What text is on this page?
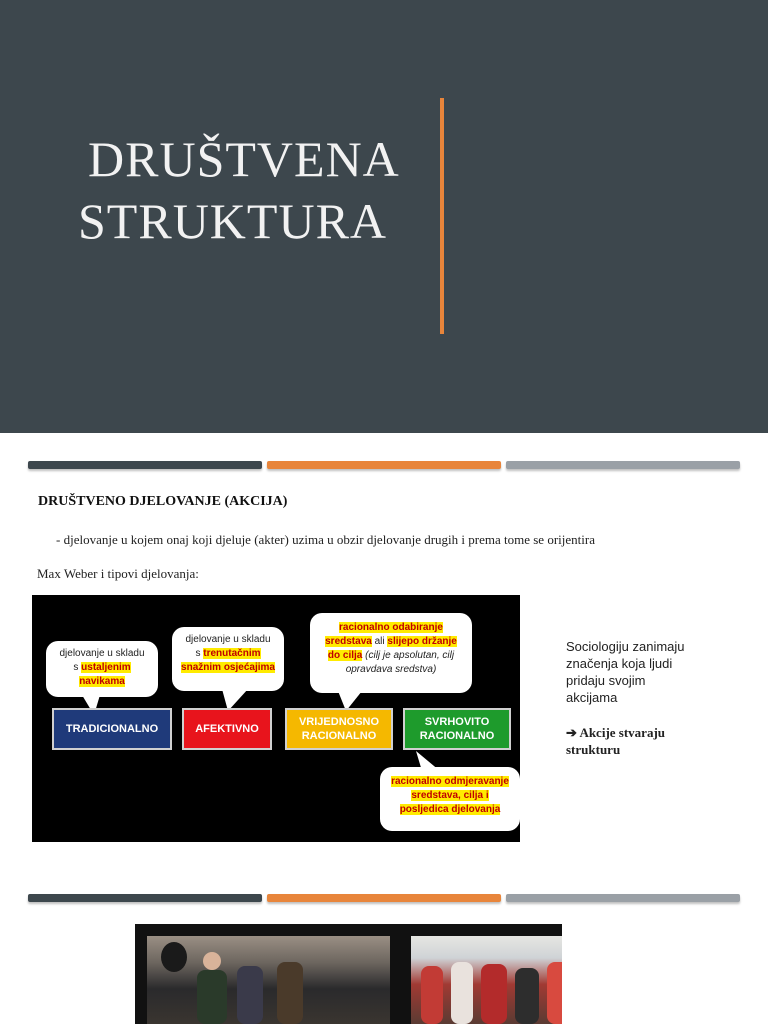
DRUŠTVENA
STRUKTURA
DRUŠTVENO DJELOVANJE (AKCIJA)
- djelovanje u kojem onaj koji djeluje (akter) uzima u obzir djelovanje drugih i prema tome se orijentira
Max Weber i tipovi djelovanja:
djelovanje u skladu
s ustaljenim navikama
djelovanje u skladu
s trenutačnim snažnim osjećajima
racionalno odabiranje sredstava ali slijepo držanje do cilja (cilj je apsolutan, cilj opravdava sredstva)
TRADICIONALNO	AFEKTIVNO
VRIJEDNOSNO
RACIONALNO
SVRHOVITO
RACIONALNO
racionalno odmjeravanje sredstava, cilja i posljedica djelovanja
Sociologiju zanimaju značenja koja ljudi pridaju svojim akcijama
➔ Akcije stvaraju strukturu
